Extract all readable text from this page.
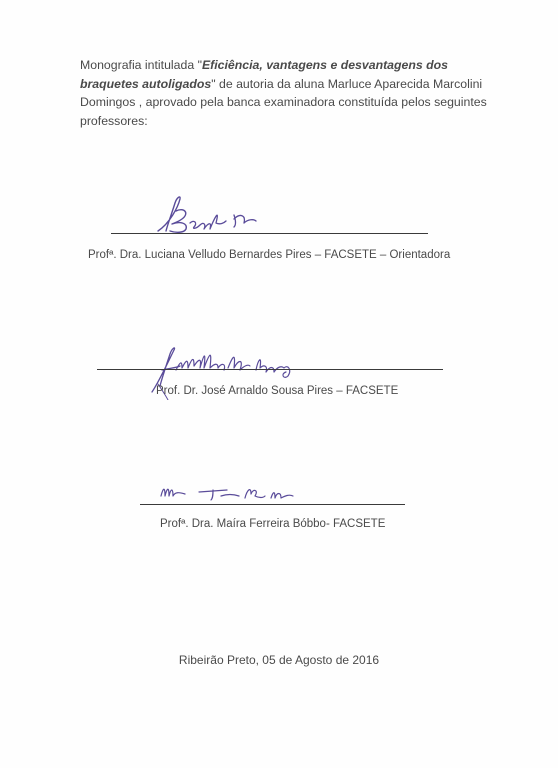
Monografia intitulada "Eficiência, vantagens e desvantagens dos braquetes autoligados" de autoria da aluna Marluce Aparecida Marcolini Domingos , aprovado pela banca examinadora constituída pelos seguintes professores:

Profª. Dra. Luciana Velludo Bernardes Pires – FACSETE – Orientadora
Prof. Dr. José Arnaldo Sousa Pires – FACSETE
Profª. Dra. Maíra Ferreira Bóbbo- FACSETE
Ribeirão Preto, 05 de Agosto de 2016
